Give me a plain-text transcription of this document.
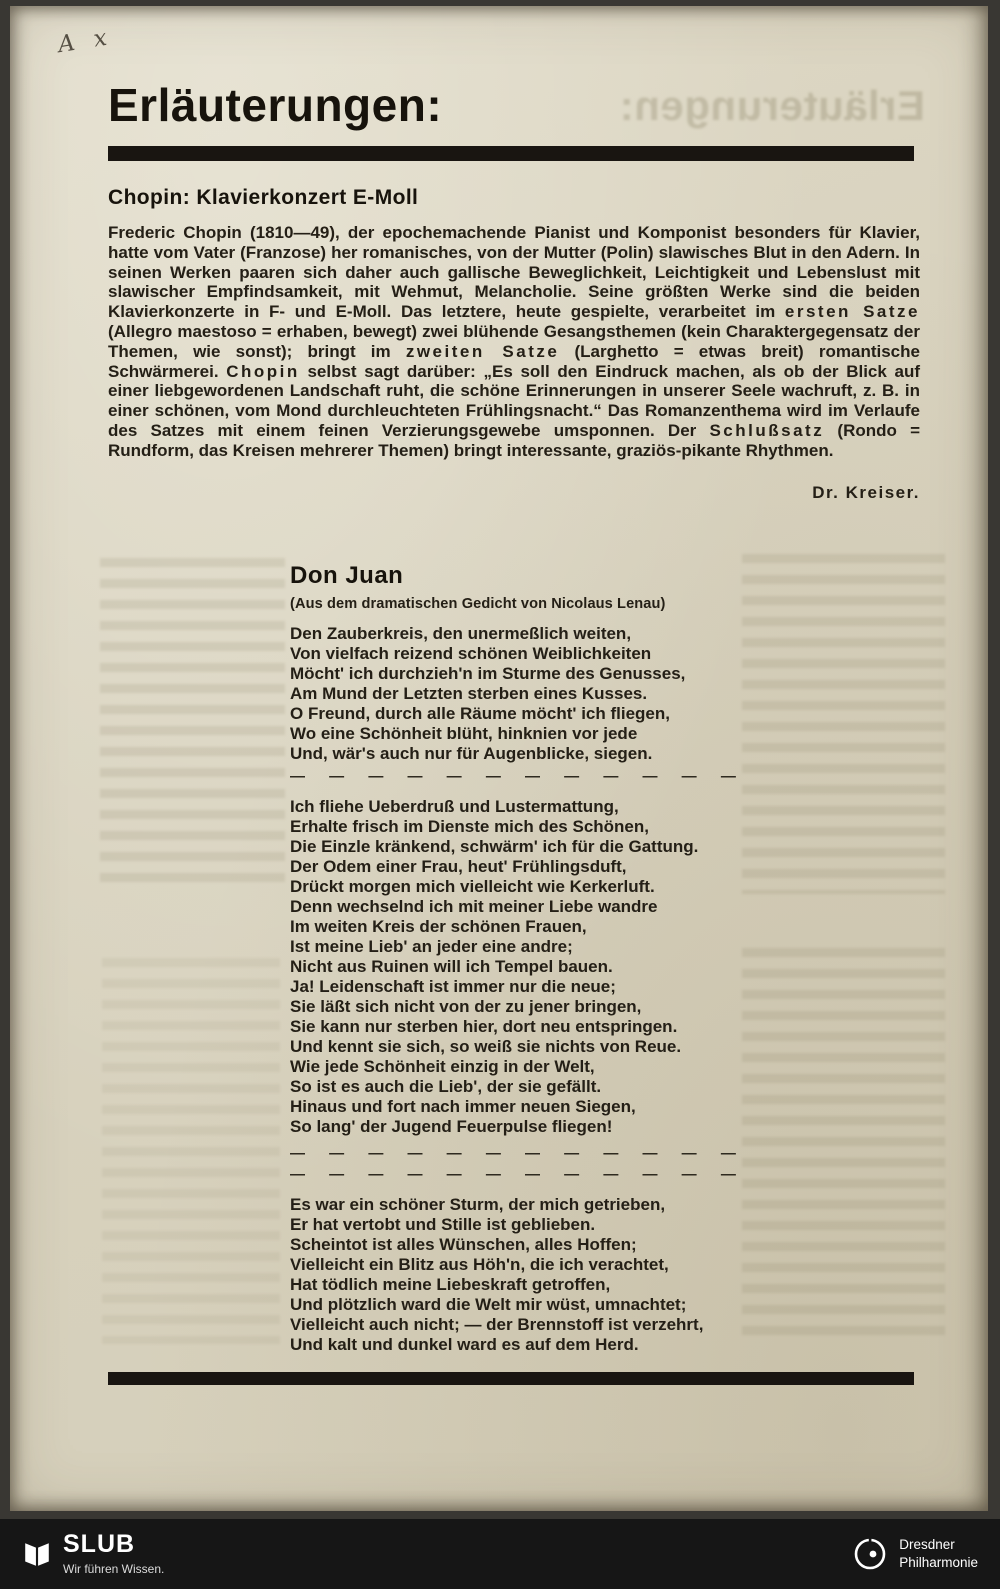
A x
Erläuterungen:
Erläuterungen:
Chopin: Klavierkonzert E-Moll

Frederic Chopin (1810—49), der epochemachende Pianist und Komponist besonders für Klavier, hatte vom Vater (Franzose) her romanisches, von der Mutter (Polin) slawisches Blut in den Adern. In seinen Werken paaren sich daher auch gallische Beweglichkeit, Leichtigkeit und Lebenslust mit slawischer Empfindsamkeit, mit Wehmut, Melancholie. Seine größten Werke sind die beiden Klavierkonzerte in F- und E-Moll. Das letztere, heute gespielte, verarbeitet im ersten Satze (Allegro maestoso = erhaben, bewegt) zwei blühende Gesangsthemen (kein Charaktergegensatz der Themen, wie sonst); bringt im zweiten Satze (Larghetto = etwas breit) romantische Schwärmerei. Chopin selbst sagt darüber: „Es soll den Eindruck machen, als ob der Blick auf einer liebgewordenen Landschaft ruht, die schöne Erinnerungen in unserer Seele wachruft, z. B. in einer schönen, vom Mond durchleuchteten Frühlingsnacht.“ Das Romanzenthema wird im Verlaufe des Satzes mit einem feinen Verzierungsgewebe umsponnen. Der Schlußsatz (Rondo = Rundform, das Kreisen mehrerer Themen) bringt interessante, graziös-pikante Rhythmen.

Dr. Kreiser.
Don Juan
(Aus dem dramatischen Gedicht von Nicolaus Lenau)
Den Zauberkreis, den unermeßlich weiten,
Von vielfach reizend schönen Weiblichkeiten
Möcht' ich durchzieh'n im Sturme des Genusses,
Am Mund der Letzten sterben eines Kusses.
O Freund, durch alle Räume möcht' ich fliegen,
Wo eine Schönheit blüht, hinknien vor jede
Und, wär's auch nur für Augenblicke, siegen.
— — — — — — — — — — — —
Ich fliehe Ueberdruß und Lustermattung,
Erhalte frisch im Dienste mich des Schönen,
Die Einzle kränkend, schwärm' ich für die Gattung.
Der Odem einer Frau, heut' Frühlingsduft,
Drückt morgen mich vielleicht wie Kerkerluft.
Denn wechselnd ich mit meiner Liebe wandre
Im weiten Kreis der schönen Frauen,
Ist meine Lieb' an jeder eine andre;
Nicht aus Ruinen will ich Tempel bauen.
Ja! Leidenschaft ist immer nur die neue;
Sie läßt sich nicht von der zu jener bringen,
Sie kann nur sterben hier, dort neu entspringen.
Und kennt sie sich, so weiß sie nichts von Reue.
Wie jede Schönheit einzig in der Welt,
So ist es auch die Lieb', der sie gefällt.
Hinaus und fort nach immer neuen Siegen,
So lang' der Jugend Feuerpulse fliegen!
— — — — — — — — — — — —
— — — — — — — — — — — —
Es war ein schöner Sturm, der mich getrieben,
Er hat vertobt und Stille ist geblieben.
Scheintot ist alles Wünschen, alles Hoffen;
Vielleicht ein Blitz aus Höh'n, die ich verachtet,
Hat tödlich meine Liebeskraft getroffen,
Und plötzlich ward die Welt mir wüst, umnachtet;
Vielleicht auch nicht; — der Brennstoff ist verzehrt,
Und kalt und dunkel ward es auf dem Herd.
SLUB
Wir führen Wissen.
Dresdner
Philharmonie
